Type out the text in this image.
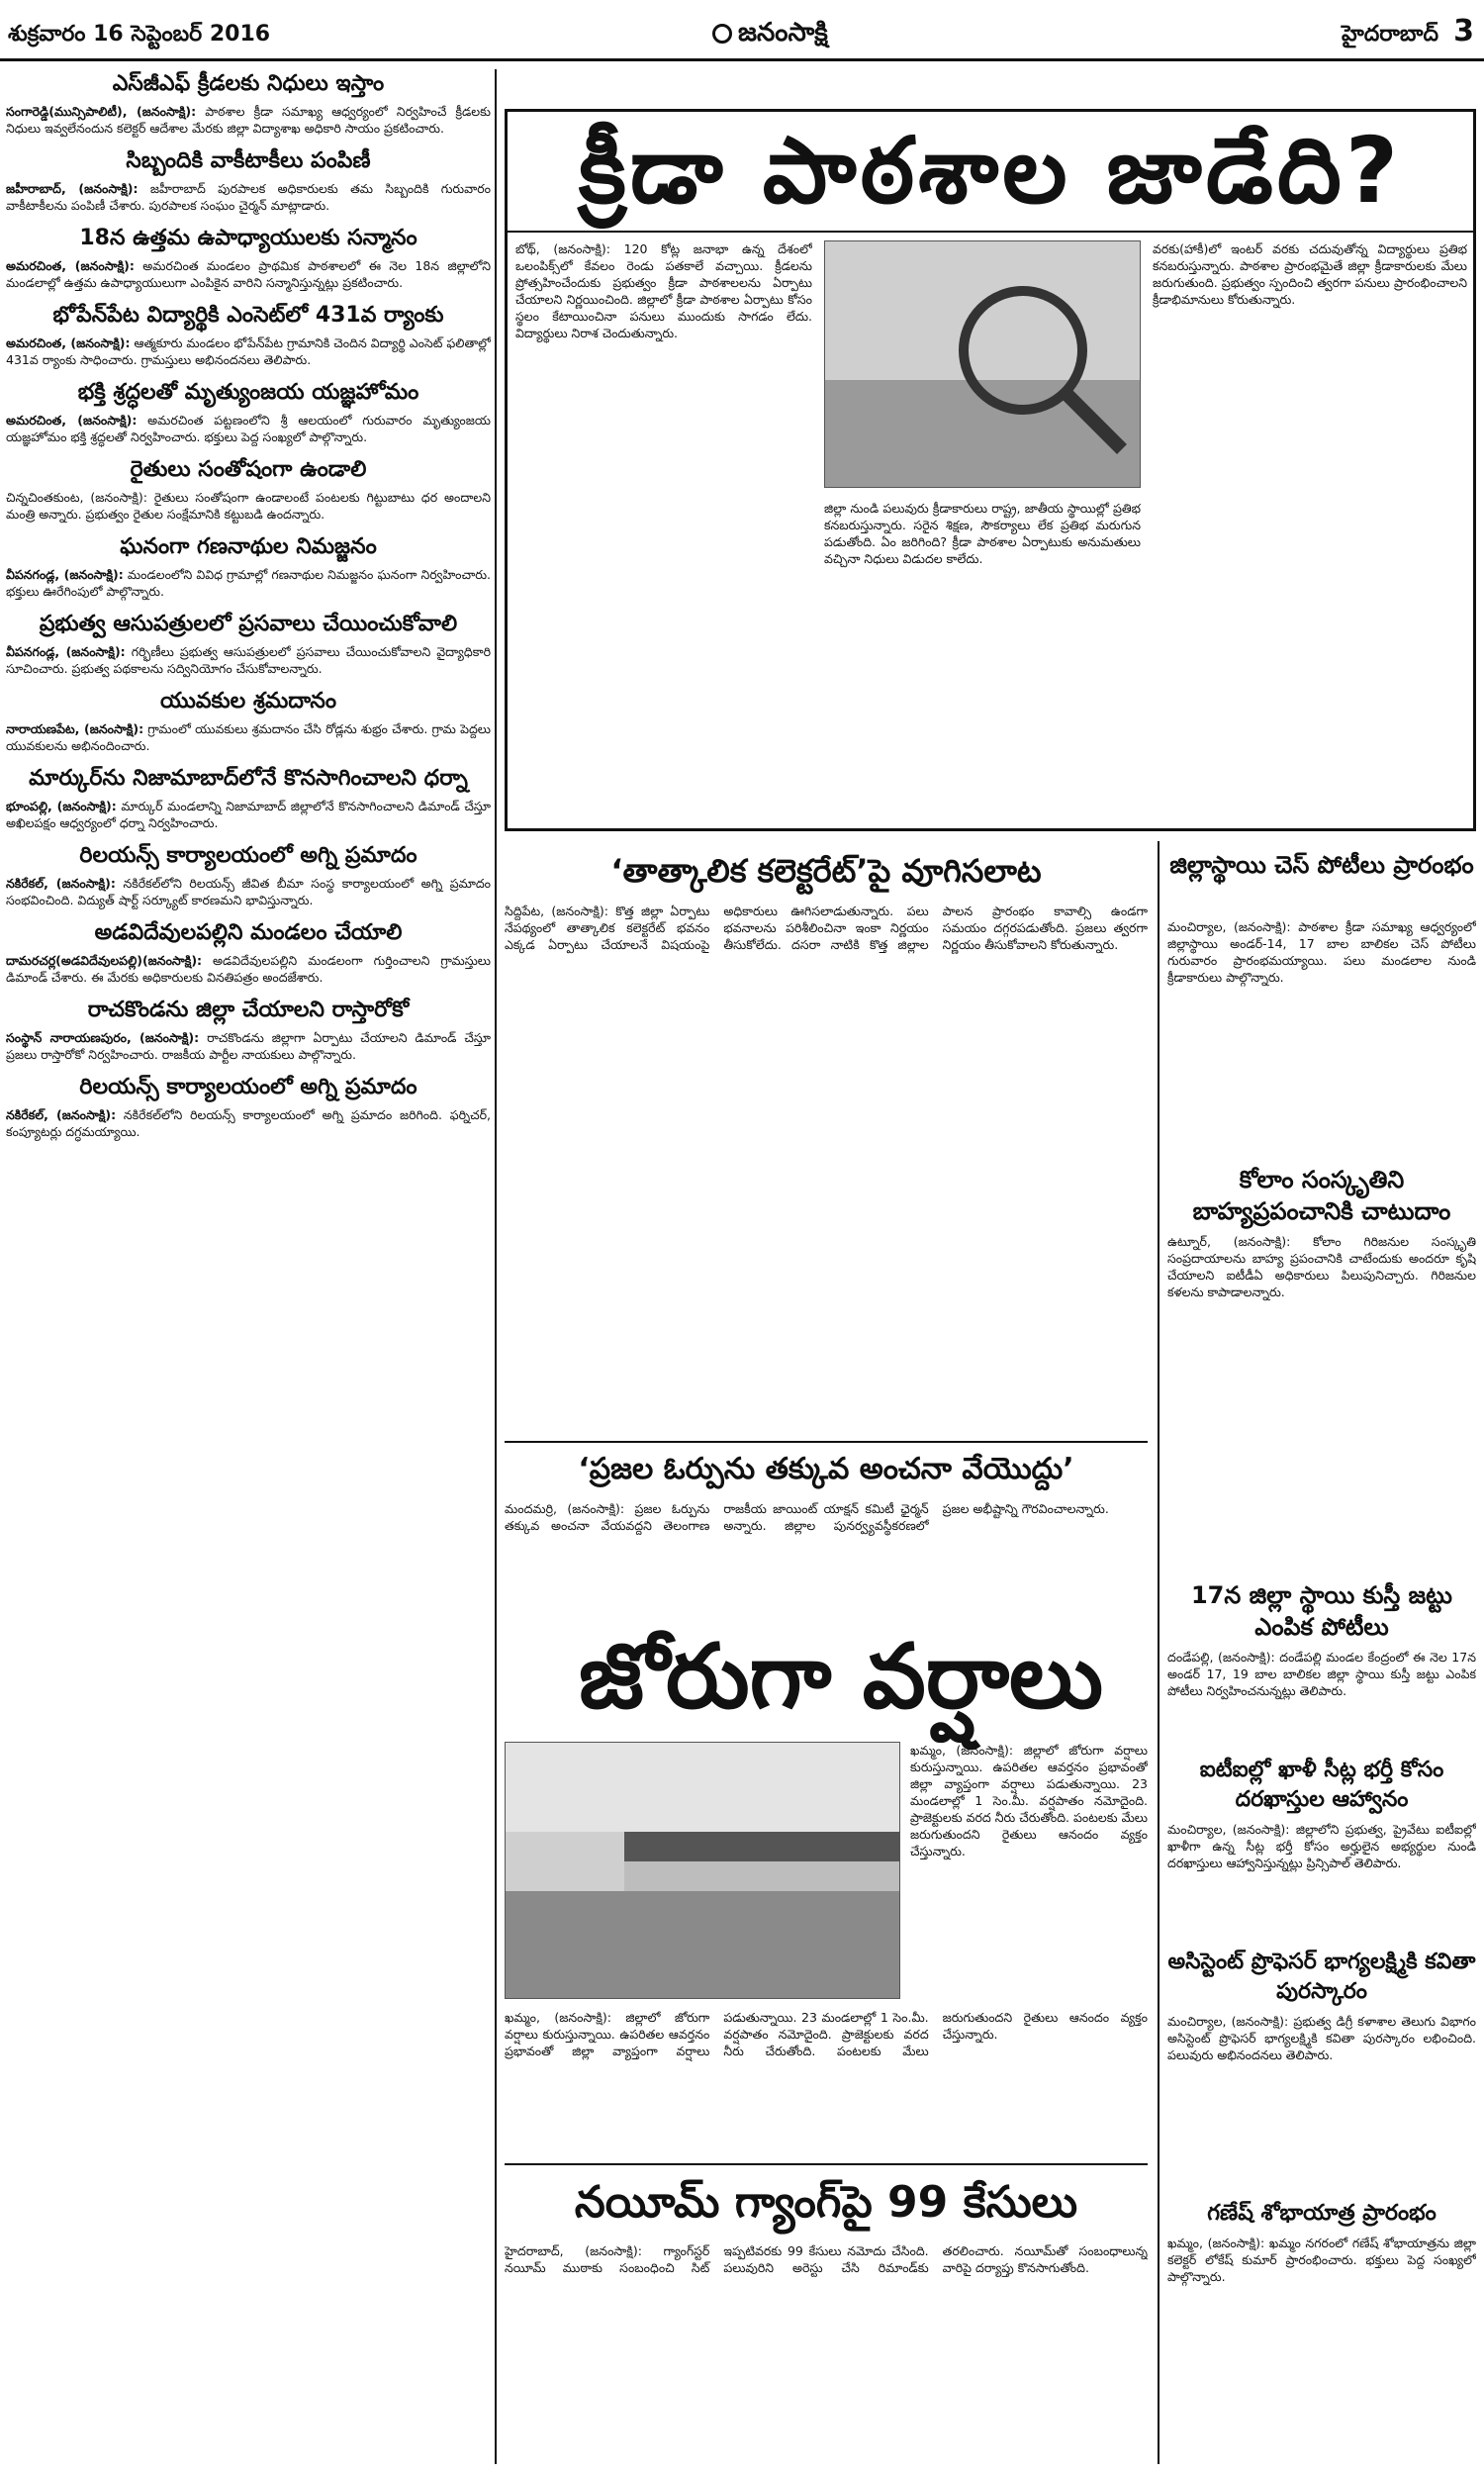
శుక్రవారం 16 సెప్టెంబర్ 2016	జనంసాక్షి	హైదరాబాద్ 3
ఎస్‌జీఎఫ్ క్రీడలకు నిధులు ఇస్తాం

సంగారెడ్డి(మున్సిపాలిటీ), (జనంసాక్షి): పాఠశాల క్రీడా సమాఖ్య ఆధ్వర్యంలో నిర్వహించే క్రీడలకు నిధులు ఇవ్వలేనందున కలెక్టర్ ఆదేశాల మేరకు జిల్లా విద్యాశాఖ అధికారి సాయం ప్రకటించారు.

సిబ్బందికి వాకీటాకీలు పంపిణీ

జహీరాబాద్, (జనంసాక్షి): జహీరాబాద్ పురపాలక అధికారులకు తమ సిబ్బందికి గురువారం వాకీటాకీలను పంపిణీ చేశారు. పురపాలక సంఘం చైర్మన్ మాట్లాడారు.

18న ఉత్తమ ఉపాధ్యాయులకు సన్మానం

అమరచింత, (జనంసాక్షి): అమరచింత మండలం ప్రాథమిక పాఠశాలలో ఈ నెల 18న జిల్లాలోని మండలాల్లో ఉత్తమ ఉపాధ్యాయులుగా ఎంపికైన వారిని సన్మానిస్తున్నట్లు ప్రకటించారు.

భోపేన్‌పేట విద్యార్థికి ఎంసెట్‌లో 431వ ర్యాంకు

అమరచింత, (జనంసాక్షి): ఆత్మకూరు మండలం భోపేన్‌పేట గ్రామానికి చెందిన విద్యార్థి ఎంసెట్ ఫలితాల్లో 431వ ర్యాంకు సాధించారు. గ్రామస్తులు అభినందనలు తెలిపారు.

భక్తి శ్రద్ధలతో మృత్యుంజయ యజ్ఞహోమం

అమరచింత, (జనంసాక్షి): అమరచింత పట్టణంలోని శ్రీ ఆలయంలో గురువారం మృత్యుంజయ యజ్ఞహోమం భక్తి శ్రద్ధలతో నిర్వహించారు. భక్తులు పెద్ద సంఖ్యలో పాల్గొన్నారు.

రైతులు సంతోషంగా ఉండాలి

చిన్నచింతకుంట, (జనంసాక్షి): రైతులు సంతోషంగా ఉండాలంటే పంటలకు గిట్టుబాటు ధర అందాలని మంత్రి అన్నారు. ప్రభుత్వం రైతుల సంక్షేమానికి కట్టుబడి ఉందన్నారు.

ఘనంగా గణనాథుల నిమజ్జనం

వీపనగండ్ల, (జనంసాక్షి): మండలంలోని వివిధ గ్రామాల్లో గణనాథుల నిమజ్జనం ఘనంగా నిర్వహించారు. భక్తులు ఊరేగింపులో పాల్గొన్నారు.

ప్రభుత్వ ఆసుపత్రులలో ప్రసవాలు చేయించుకోవాలి

వీపనగండ్ల, (జనంసాక్షి): గర్భిణీలు ప్రభుత్వ ఆసుపత్రులలో ప్రసవాలు చేయించుకోవాలని వైద్యాధికారి సూచించారు. ప్రభుత్వ పథకాలను సద్వినియోగం చేసుకోవాలన్నారు.

యువకుల శ్రమదానం

నారాయణపేట, (జనంసాక్షి): గ్రామంలో యువకులు శ్రమదానం చేసి రోడ్లను శుభ్రం చేశారు. గ్రామ పెద్దలు యువకులను అభినందించారు.

మార్కుర్‌ను నిజామాబాద్‌లోనే కొనసాగించాలని ధర్నా

భూంపల్లి, (జనంసాక్షి): మార్కుర్ మండలాన్ని నిజామాబాద్ జిల్లాలోనే కొనసాగించాలని డిమాండ్ చేస్తూ అఖిలపక్షం ఆధ్వర్యంలో ధర్నా నిర్వహించారు.

రిలయన్స్ కార్యాలయంలో అగ్ని ప్రమాదం

నకిరేకల్, (జనంసాక్షి): నకిరేకల్‌లోని రిలయన్స్ జీవిత బీమా సంస్థ కార్యాలయంలో అగ్ని ప్రమాదం సంభవించింది. విద్యుత్ షార్ట్ సర్క్యూట్ కారణమని భావిస్తున్నారు.

అడవిదేవులపల్లిని మండలం చేయాలి

దామరచర్ల(అడవిదేవులపల్లి)(జనంసాక్షి): అడవిదేవులపల్లిని మండలంగా గుర్తించాలని గ్రామస్తులు డిమాండ్ చేశారు. ఈ మేరకు అధికారులకు వినతిపత్రం అందజేశారు.

రాచకొండను జిల్లా చేయాలని రాస్తారోకో

సంస్థాన్ నారాయణపురం, (జనంసాక్షి): రాచకొండను జిల్లాగా ఏర్పాటు చేయాలని డిమాండ్ చేస్తూ ప్రజలు రాస్తారోకో నిర్వహించారు. రాజకీయ పార్టీల నాయకులు పాల్గొన్నారు.

రిలయన్స్ కార్యాలయంలో అగ్ని ప్రమాదం

నకిరేకల్, (జనంసాక్షి): నకిరేకల్‌లోని రిలయన్స్ కార్యాలయంలో అగ్ని ప్రమాదం జరిగింది. ఫర్నిచర్, కంప్యూటర్లు దగ్ధమయ్యాయి.

క్రీడా పాఠశాల జాడేది?
బోథ్, (జనంసాక్షి): 120 కోట్ల జనాభా ఉన్న దేశంలో ఒలంపిక్స్‌లో కేవలం రెండు పతకాలే వచ్చాయి. క్రీడలను ప్రోత్సహించేందుకు ప్రభుత్వం క్రీడా పాఠశాలలను ఏర్పాటు చేయాలని నిర్ణయించింది. జిల్లాలో క్రీడా పాఠశాల ఏర్పాటు కోసం స్థలం కేటాయించినా పనులు ముందుకు సాగడం లేదు. విద్యార్థులు నిరాశ చెందుతున్నారు.
జిల్లా నుండి పలువురు క్రీడాకారులు రాష్ట్ర, జాతీయ స్థాయిల్లో ప్రతిభ కనబరుస్తున్నారు. సరైన శిక్షణ, సౌకర్యాలు లేక ప్రతిభ మరుగున పడుతోంది. ఏం జరిగింది? క్రీడా పాఠశాల ఏర్పాటుకు అనుమతులు వచ్చినా నిధులు విడుదల కాలేదు.
వరకు(హాకీ)లో ఇంటర్ వరకు చదువుతోన్న విద్యార్థులు ప్రతిభ కనబరుస్తున్నారు. పాఠశాల ప్రారంభమైతే జిల్లా క్రీడాకారులకు మేలు జరుగుతుంది. ప్రభుత్వం స్పందించి త్వరగా పనులు ప్రారంభించాలని క్రీడాభిమానులు కోరుతున్నారు.
‘తాత్కాలిక కలెక్టరేట్’పై వూగిసలాట
సిద్దిపేట, (జనంసాక్షి): కొత్త జిల్లా ఏర్పాటు నేపథ్యంలో తాత్కాలిక కలెక్టరేట్ భవనం ఎక్కడ ఏర్పాటు చేయాలనే విషయంపై అధికారులు ఊగిసలాడుతున్నారు. పలు భవనాలను పరిశీలించినా ఇంకా నిర్ణయం తీసుకోలేదు. దసరా నాటికి కొత్త జిల్లాల పాలన ప్రారంభం కావాల్సి ఉండగా సమయం దగ్గరపడుతోంది. ప్రజలు త్వరగా నిర్ణయం తీసుకోవాలని కోరుతున్నారు.
జిల్లాస్థాయి చెస్ పోటీలు ప్రారంభం
మంచిర్యాల, (జనంసాక్షి): పాఠశాల క్రీడా సమాఖ్య ఆధ్వర్యంలో జిల్లాస్థాయి అండర్-14, 17 బాల బాలికల చెస్ పోటీలు గురువారం ప్రారంభమయ్యాయి. పలు మండలాల నుండి క్రీడాకారులు పాల్గొన్నారు.
కోలాం సంస్కృతిని బాహ్యప్రపంచానికి చాటుదాం
ఉట్నూర్, (జనంసాక్షి): కోలాం గిరిజనుల సంస్కృతి సంప్రదాయాలను బాహ్య ప్రపంచానికి చాటేందుకు అందరూ కృషి చేయాలని ఐటీడీఏ అధికారులు పిలుపునిచ్చారు. గిరిజనుల కళలను కాపాడాలన్నారు.
17న జిల్లా స్థాయి కుస్తీ జట్టు ఎంపిక పోటీలు
దండేపల్లి, (జనంసాక్షి): దండేపల్లి మండల కేంద్రంలో ఈ నెల 17న అండర్ 17, 19 బాల బాలికల జిల్లా స్థాయి కుస్తీ జట్టు ఎంపిక పోటీలు నిర్వహించనున్నట్లు తెలిపారు.
ఐటీఐల్లో ఖాళీ సీట్ల భర్తీ కోసం దరఖాస్తుల ఆహ్వానం
మంచిర్యాల, (జనంసాక్షి): జిల్లాలోని ప్రభుత్వ, ప్రైవేటు ఐటీఐల్లో ఖాళీగా ఉన్న సీట్ల భర్తీ కోసం అర్హులైన అభ్యర్థుల నుండి దరఖాస్తులు ఆహ్వానిస్తున్నట్లు ప్రిన్సిపాల్ తెలిపారు.
అసిస్టెంట్ ప్రొఫెసర్ భాగ్యలక్ష్మికి కవితా పురస్కారం
మంచిర్యాల, (జనంసాక్షి): ప్రభుత్వ డిగ్రీ కళాశాల తెలుగు విభాగం అసిస్టెంట్ ప్రొఫెసర్ భాగ్యలక్ష్మికి కవితా పురస్కారం లభించింది. పలువురు అభినందనలు తెలిపారు.
గణేష్ శోభాయాత్ర ప్రారంభం
ఖమ్మం, (జనంసాక్షి): ఖమ్మం నగరంలో గణేష్ శోభాయాత్రను జిల్లా కలెక్టర్ లోకేష్ కుమార్ ప్రారంభించారు. భక్తులు పెద్ద సంఖ్యలో పాల్గొన్నారు.
‘ప్రజల ఓర్పును తక్కువ అంచనా వేయొద్దు’
మందమర్రి, (జనంసాక్షి): ప్రజల ఓర్పును తక్కువ అంచనా వేయవద్దని తెలంగాణ రాజకీయ జాయింట్ యాక్షన్ కమిటీ ఛైర్మన్ అన్నారు. జిల్లాల పునర్వ్యవస్థీకరణలో ప్రజల అభీష్టాన్ని గౌరవించాలన్నారు.
జోరుగా వర్షాలు
ఖమ్మం, (జనంసాక్షి): జిల్లాలో జోరుగా వర్షాలు కురుస్తున్నాయి. ఉపరితల ఆవర్తనం ప్రభావంతో జిల్లా వ్యాప్తంగా వర్షాలు పడుతున్నాయి. 23 మండలాల్లో 1 సెం.మీ. వర్షపాతం నమోదైంది. ప్రాజెక్టులకు వరద నీరు చేరుతోంది. పంటలకు మేలు జరుగుతుందని రైతులు ఆనందం వ్యక్తం చేస్తున్నారు.
ఖమ్మం, (జనంసాక్షి): జిల్లాలో జోరుగా వర్షాలు కురుస్తున్నాయి. ఉపరితల ఆవర్తనం ప్రభావంతో జిల్లా వ్యాప్తంగా వర్షాలు పడుతున్నాయి. 23 మండలాల్లో 1 సెం.మీ. వర్షపాతం నమోదైంది. ప్రాజెక్టులకు వరద నీరు చేరుతోంది. పంటలకు మేలు జరుగుతుందని రైతులు ఆనందం వ్యక్తం చేస్తున్నారు.
నయీమ్ గ్యాంగ్‌పై 99 కేసులు
హైదరాబాద్, (జనంసాక్షి): గ్యాంగ్‌స్టర్ నయీమ్ ముఠాకు సంబంధించి సిట్ ఇప్పటివరకు 99 కేసులు నమోదు చేసింది. పలువురిని అరెస్టు చేసి రిమాండ్‌కు తరలించారు. నయీమ్‌తో సంబంధాలున్న వారిపై దర్యాప్తు కొనసాగుతోంది.
